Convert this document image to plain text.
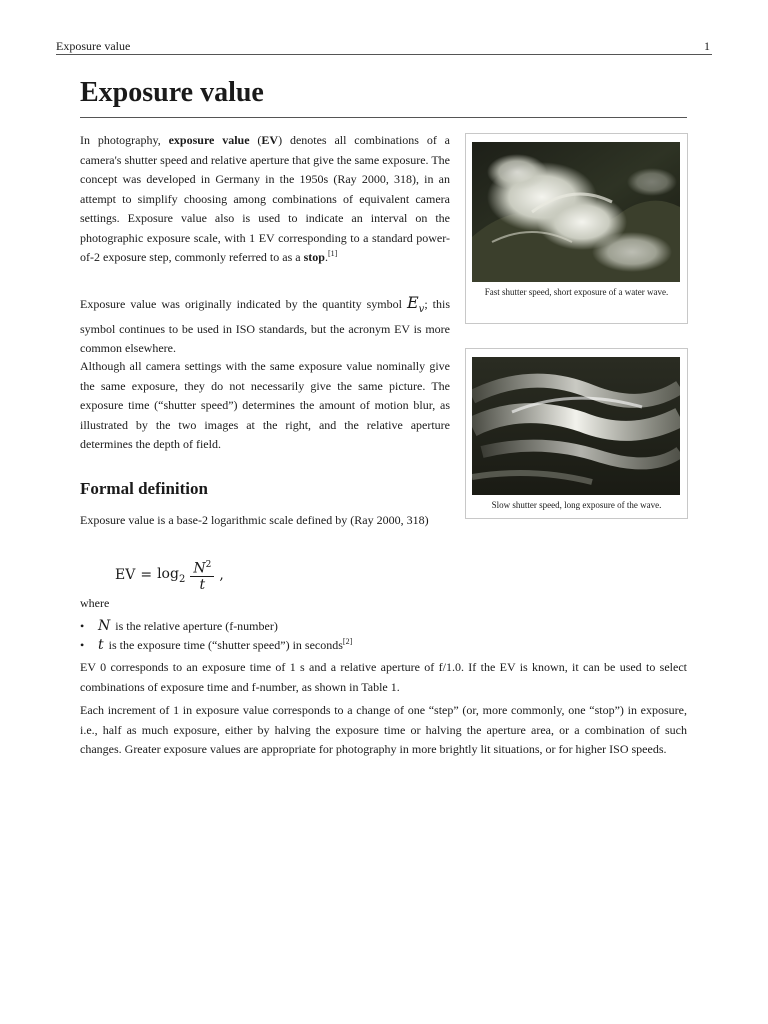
Exposure value	1
Exposure value

In photography, exposure value (EV) denotes all combinations of a camera's shutter speed and relative aperture that give the same exposure. The concept was developed in Germany in the 1950s (Ray 2000, 318), in an attempt to simplify choosing among combinations of equivalent camera settings. Exposure value also is used to indicate an interval on the photographic exposure scale, with 1 EV corresponding to a standard power-of-2 exposure step, commonly referred to as a stop.[1]

Exposure value was originally indicated by the quantity symbol $E_v$; this symbol continues to be used in ISO standards, but the acronym EV is more common elsewhere.

Although all camera settings with the same exposure value nominally give the same exposure, they do not necessarily give the same picture. The exposure time (“shutter speed”) determines the amount of motion blur, as illustrated by the two images at the right, and the relative aperture determines the depth of field.

Formal definition

Exposure value is a base-2 logarithmic scale defined by (Ray 2000, 318)

EV = $\log_2 \frac{N^2}{t}$ ,
where
• N is the relative aperture (f-number)
• t is the exposure time (“shutter speed”) in seconds[2]

EV 0 corresponds to an exposure time of 1 s and a relative aperture of f/1.0. If the EV is known, it can be used to select combinations of exposure time and f-number, as shown in Table 1.

Each increment of 1 in exposure value corresponds to a change of one “step” (or, more commonly, one “stop”) in exposure, i.e., half as much exposure, either by halving the exposure time or halving the aperture area, or a combination of such changes. Greater exposure values are appropriate for photography in more brightly lit situations, or for higher ISO speeds.

Fast shutter speed, short exposure of a water wave.
Slow shutter speed, long exposure of the wave.
